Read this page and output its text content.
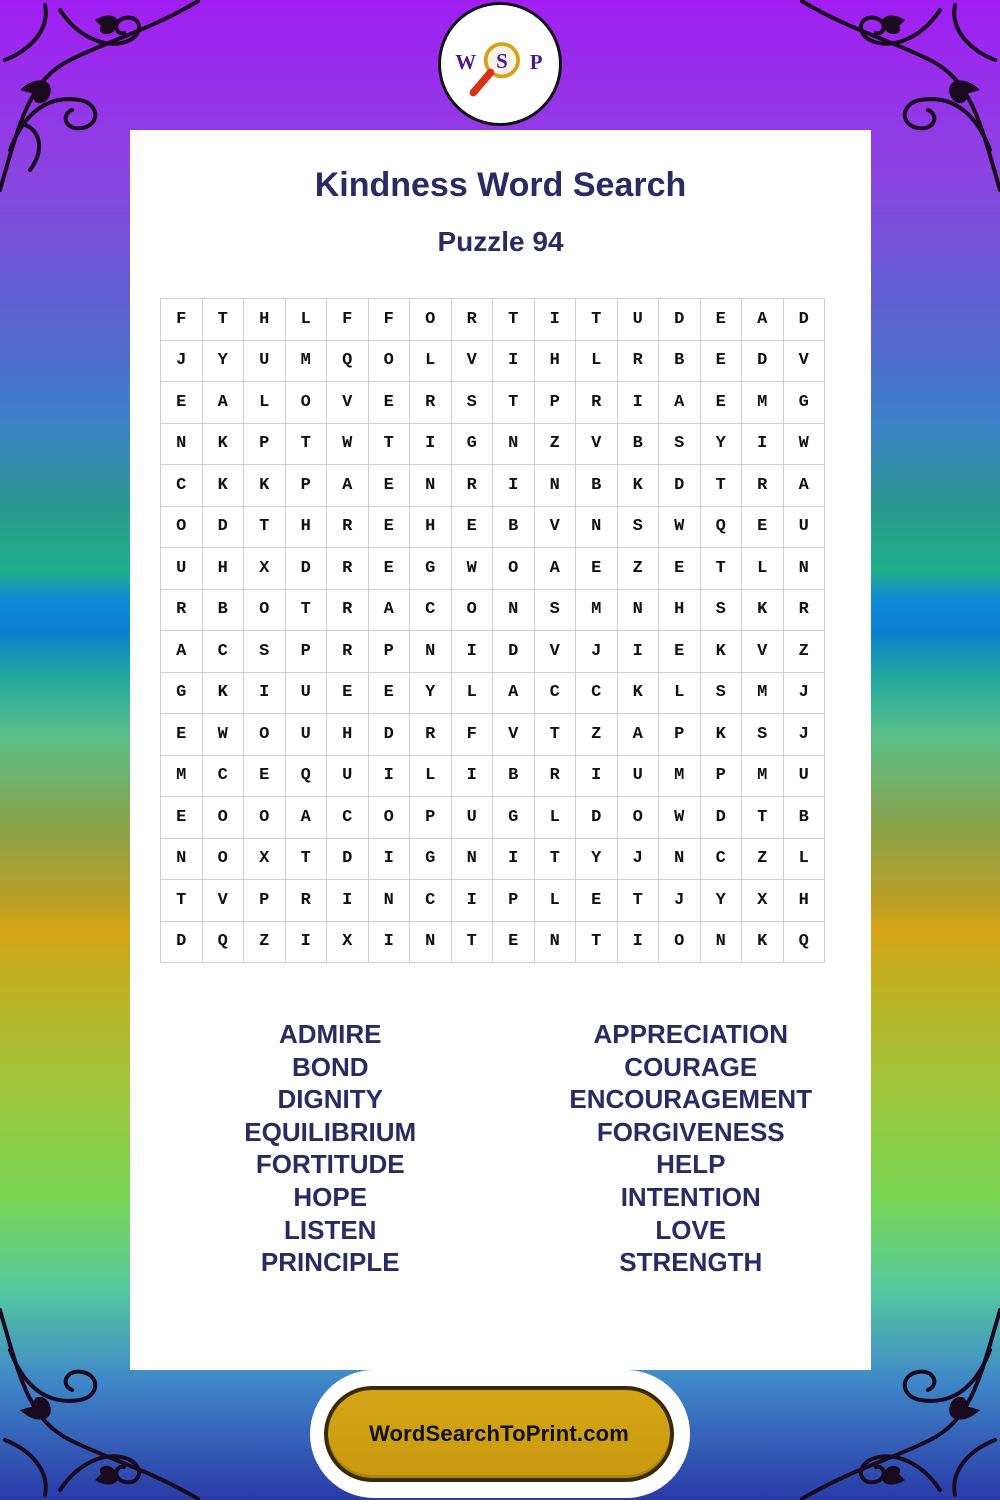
W S P
Kindness Word Search
Puzzle 94
F	T	H	L	F	F	O	R	T	I	T	U	D	E	A	D
J	Y	U	M	Q	O	L	V	I	H	L	R	B	E	D	V
E	A	L	O	V	E	R	S	T	P	R	I	A	E	M	G
N	K	P	T	W	T	I	G	N	Z	V	B	S	Y	I	W
C	K	K	P	A	E	N	R	I	N	B	K	D	T	R	A
O	D	T	H	R	E	H	E	B	V	N	S	W	Q	E	U
U	H	X	D	R	E	G	W	O	A	E	Z	E	T	L	N
R	B	O	T	R	A	C	O	N	S	M	N	H	S	K	R
A	C	S	P	R	P	N	I	D	V	J	I	E	K	V	Z
G	K	I	U	E	E	Y	L	A	C	C	K	L	S	M	J
E	W	O	U	H	D	R	F	V	T	Z	A	P	K	S	J
M	C	E	Q	U	I	L	I	B	R	I	U	M	P	M	U
E	O	O	A	C	O	P	U	G	L	D	O	W	D	T	B
N	O	X	T	D	I	G	N	I	T	Y	J	N	C	Z	L
T	V	P	R	I	N	C	I	P	L	E	T	J	Y	X	H
D	Q	Z	I	X	I	N	T	E	N	T	I	O	N	K	Q
ADMIRE
BOND
DIGNITY
EQUILIBRIUM
FORTITUDE
HOPE
LISTEN
PRINCIPLE
APPRECIATION
COURAGE
ENCOURAGEMENT
FORGIVENESS
HELP
INTENTION
LOVE
STRENGTH
WordSearchToPrint.com
